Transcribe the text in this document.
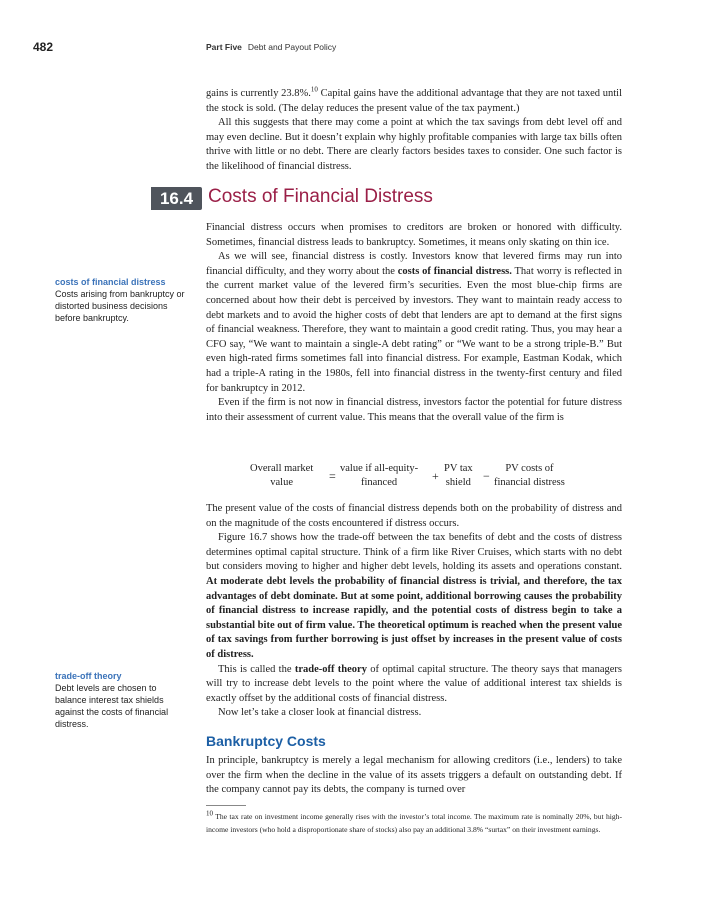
482	Part Five Debt and Payout Policy

gains is currently 23.8%.$^{10}$ Capital gains have the additional advantage that they are not taxed until the stock is sold. (The delay reduces the present value of the tax payment.)

All this suggests that there may come a point at which the tax savings from debt level off and may even decline. But it doesn’t explain why highly profitable companies with large tax bills often thrive with little or no debt. There are clearly factors besides taxes to consider. One such factor is the likelihood of financial distress.

16.4 Costs of Financial Distress

Financial distress occurs when promises to creditors are broken or honored with difficulty. Sometimes, financial distress leads to bankruptcy. Sometimes, it means only skating on thin ice.

As we will see, financial distress is costly. Investors know that levered firms may run into financial difficulty, and they worry about the costs of financial distress. That worry is reflected in the current market value of the levered firm’s securities. Even the most blue-chip firms are concerned about how their debt is perceived by investors. They want to maintain ready access to debt markets and to avoid the higher costs of debt that lenders are apt to demand at the first signs of financial weakness. Therefore, they want to maintain a good credit rating. Thus, you may hear a CFO say, “We want to maintain a single-A debt rating” or “We want to be a strong triple-B.” But even high-rated firms sometimes fall into financial distress. For example, Eastman Kodak, which had a triple-A rating in the 1980s, fell into financial distress in the twenty-first century and filed for bankruptcy in 2012.

Even if the firm is not now in financial distress, investors factor the potential for future distress into their assessment of current value. This means that the overall value of the firm is

Overall market
value	=
value if all-equity-
financed	+
PV tax
shield −
PV costs of
financial distress

The present value of the costs of financial distress depends both on the probability of distress and on the magnitude of the costs encountered if distress occurs.

Figure 16.7 shows how the trade-off between the tax benefits of debt and the costs of distress determines optimal capital structure. Think of a firm like River Cruises, which starts with no debt but considers moving to higher and higher debt levels, holding its assets and operations constant. At moderate debt levels the probability of financial distress is trivial, and therefore, the tax advantages of debt dominate. But at some point, additional borrowing causes the probability of financial distress to increase rapidly, and the potential costs of distress begin to take a substantial bite out of firm value. The theoretical optimum is reached when the present value of tax savings from further borrowing is just offset by increases in the present value of costs of distress.

This is called the trade-off theory of optimal capital structure. The theory says that managers will try to increase debt levels to the point where the value of additional interest tax shields is exactly offset by the additional costs of financial distress.

Now let’s take a closer look at financial distress.

Bankruptcy Costs

In principle, bankruptcy is merely a legal mechanism for allowing creditors (i.e., lenders) to take over the firm when the decline in the value of its assets triggers a default on outstanding debt. If the company cannot pay its debts, the company is turned over

costs of financial distress
Costs arising from bankruptcy or distorted business decisions before bankruptcy.
trade-off theory
Debt levels are chosen to balance interest tax shields against the costs of financial distress.
$^{10}$ The tax rate on investment income generally rises with the investor’s total income. The maximum rate is nominally 20%, but high-income investors (who hold a disproportionate share of stocks) also pay an additional 3.8% “surtax” on their investment earnings.
